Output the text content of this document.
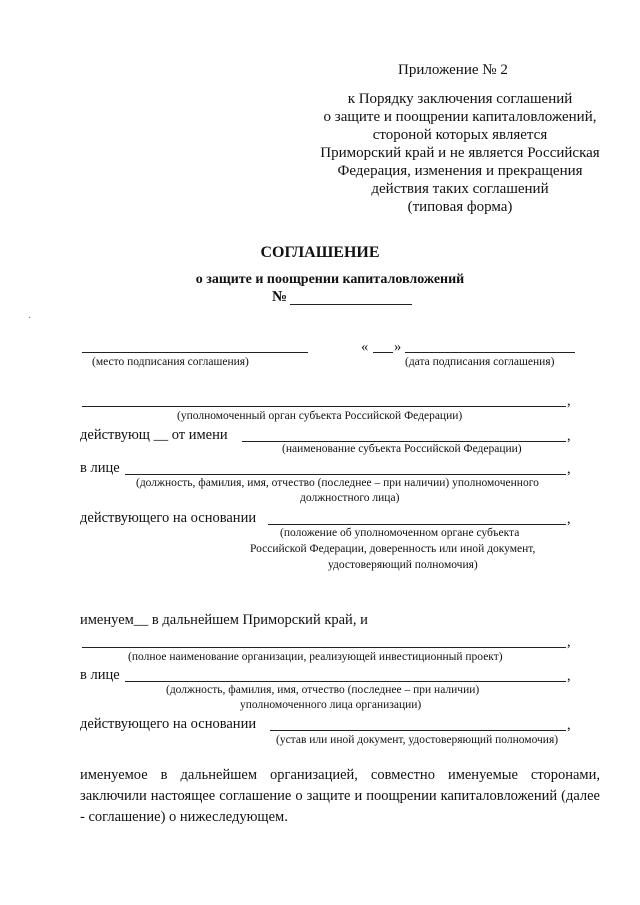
Приложение № 2
к Порядку заключения соглашений
о защите и поощрении капиталовложений,
стороной которых является
Приморский край и не является Российская
Федерация, изменения и прекращения
действия таких соглашений
(типовая форма)
СОГЛАШЕНИЕ
о защите и поощрении капиталовложений
№
·
« »
(место подписания соглашения)	(дата подписания соглашения)
,
(уполномоченный орган субъекта Российской Федерации)
действующ __ от имени	,
(наименование субъекта Российской Федерации)
в лице	,
(должность, фамилия, имя, отчество (последнее – при наличии) уполномоченного
должностного лица)
действующего на основании	,
(положение об уполномоченном органе субъекта
Российской Федерации, доверенность или иной документ,
удостоверяющий полномочия)
именуем__ в дальнейшем Приморский край, и
,
(полное наименование организации, реализующей инвестиционный проект)
в лице	,
(должность, фамилия, имя, отчество (последнее – при наличии)
уполномоченного лица организации)
действующего на основании	,
(устав или иной документ, удостоверяющий полномочия)
именуемое в дальнейшем организацией, совместно именуемые сторонами, заключили настоящее соглашение о защите и поощрении капиталовложений (далее - соглашение) о нижеследующем.
